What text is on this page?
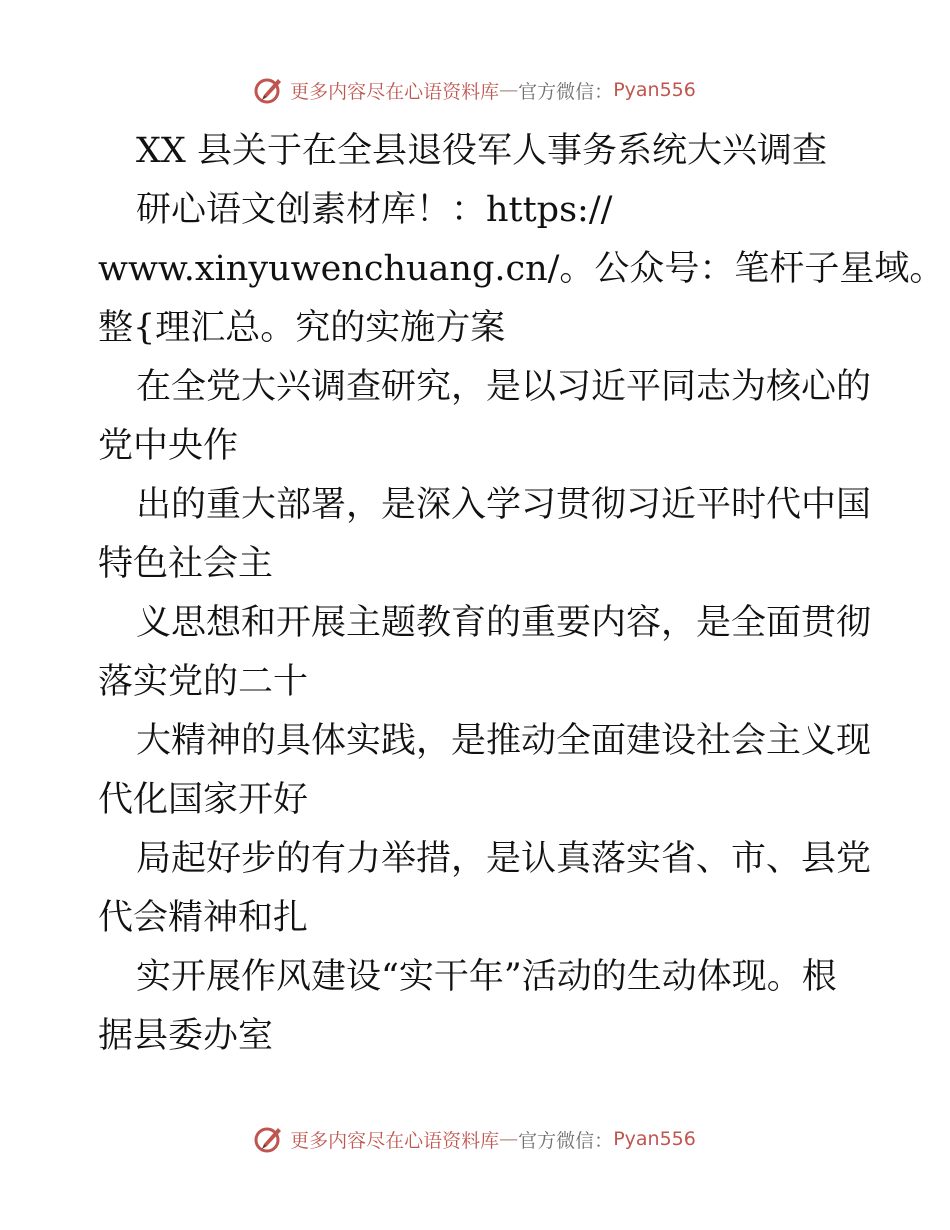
更多内容尽在心语资料库 — 官方微信： Pyan556
XX 县关于在全县退役军人事务系统大兴调查
研心语文创素材库！：https://
www.xinyuwenchuang.cn/。公众号：笔杆子星域。
整{理汇总。究的实施方案
在全党大兴调查研究，是以习近平同志为核心的
党中央作
出的重大部署，是深入学习贯彻习近平时代中国
特色社会主
义思想和开展主题教育的重要内容，是全面贯彻
落实党的二十
大精神的具体实践，是推动全面建设社会主义现
代化国家开好
局起好步的有力举措，是认真落实省、市、县党
代会精神和扎
实开展作风建设“实干年”活动的生动体现。根
据县委办室
更多内容尽在心语资料库 — 官方微信： Pyan556
